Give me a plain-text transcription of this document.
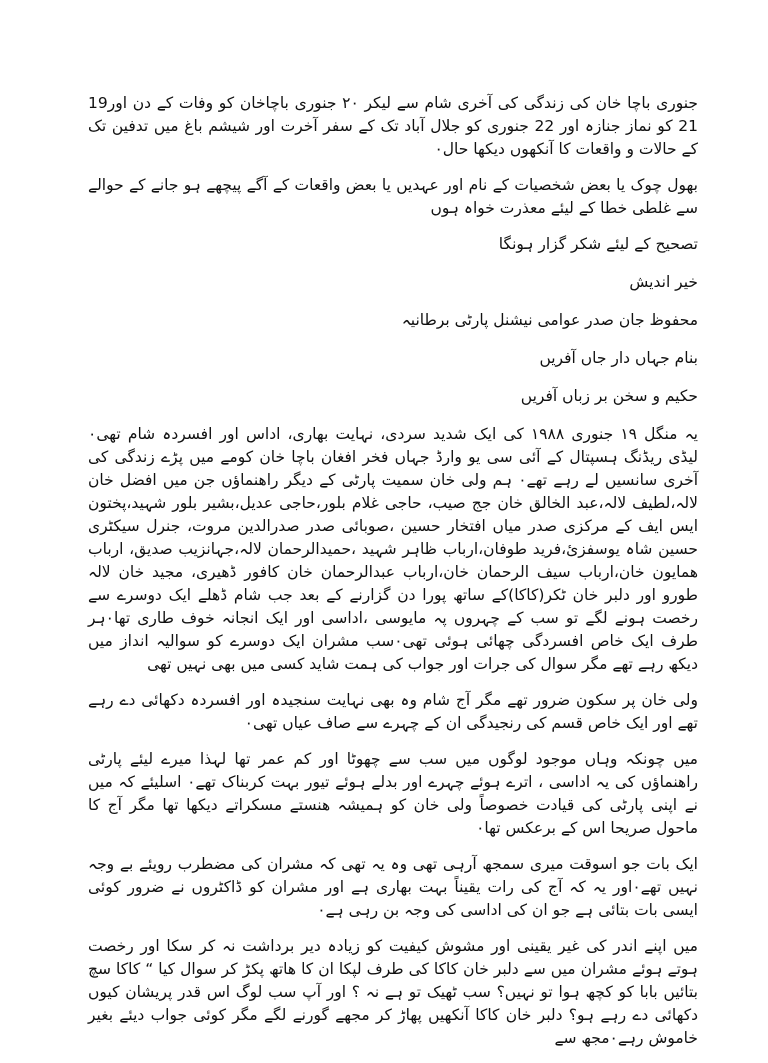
جنوری باچا خان کی زندگی کی آخری شام سے لیکر ۲۰ جنوری باچاخان کو وفات کے دن اور19 21 کو نماز جنازہ اور 22 جنوری کو جلال آباد تک کے سفر آخرت اور شیشم باغ میں تدفین تک کے حالات و واقعات کا آنکھوں دیکھا حال۰

بھول چوک یا بعض شخصیات کے نام اور عہدیں یا بعض واقعات کے آگے پیچھے ہو جانے کے حوالے سے غلطی خطا کے لیئے معذرت خواہ ہوں

تصحیح کے لیئے شکر گزار ہونگا

خیر اندیش

محفوظ جان صدر عوامی نیشنل پارٹی برطانیہ

بنام جہاں دار جاں آفریں

حکیم و سخن بر زباں آفریں

یہ منگل ۱۹ جنوری ۱۹۸۸ کی ایک شدید سردی، نہایت بھاری، اداس اور افسردہ شام تھی۰ لیڈی ریڈنگ ہسپتال کے آئی سی یو وارڈ جہاں فخر افغان باچا خان کومے میں پڑے زندگی کی آخری سانسیں لے رہے تھے۰ ہم ولی خان سمیت پارٹی کے دیگر راھنماؤں جن میں افضل خان لالہ،لطیف لالہ،عبد الخالق خان جج صیب، حاجی غلام بلور،حاجی عدیل،بشیر بلور شہید،پختون ایس ایف کے مرکزی صدر میاں افتخار حسین ،صوبائی صدر صدرالدین مروت، جنرل سیکٹری حسین شاہ یوسفزئ،فرید طوفان،ارباب ظاہر شہید ،حمیدالرحمان لالہ،جہانزیب صدیق، ارباب ھمایون خان،ارباب سیف الرحمان خان،ارباب عبدالرحمان خان کافور ڈھیری، مجید خان لالہ طورو اور دلبر خان ٹکر(کاکا)کے ساتھ پورا دن گزارنے کے بعد جب شام ڈھلے ایک دوسرے سے رخصت ہونے لگے تو سب کے چہروں پہ مایوسی ،اداسی اور ایک انجانہ خوف طاری تھا۰ہر طرف ایک خاص افسردگی چھائی ہوئی تھی۰سب مشران ایک دوسرے کو سوالیہ انداز میں دیکھ رہے تھے مگر سوال کی جرات اور جواب کی ہمت شاید کسی میں بھی نہیں تھی

ولی خان پر سکون ضرور تھے مگر آج شام وہ بھی نہایت سنجیدہ اور افسردہ دکھائی دے رہے تھے اور ایک خاص قسم کی رنجیدگی ان کے چہرے سے صاف عیاں تھی۰

میں چونکہ وہاں موجود لوگوں میں سب سے چھوٹا اور کم عمر تھا لہذا میرے لیئے پارٹی راھنماؤں کی یہ اداسی ، اترے ہوئے چہرے اور بدلے ہوئے تیور بہت کربناک تھے۰ اسلیئے کہ میں نے اپنی پارٹی کی قیادت خصوصاً ولی خان کو ہمیشہ ھنستے مسکراتے دیکھا تھا مگر آج کا ماحول صریحا اس کے برعکس تھا۰

ایک بات جو اسوقت میری سمجھ آرہی تھی وہ یہ تھی کہ مشران کی مضطرب رویئے بے وجہ نہیں تھے۰اور یہ کہ آج کی رات یقیناً بہت بھاری ہے اور مشران کو ڈاکٹروں نے ضرور کوئی ایسی بات بتائی ہے جو ان کی اداسی کی وجہ بن رہی ہے۰

میں اپنے اندر کی غیر یقینی اور مشوش کیفیت کو زیادہ دیر برداشت نہ کر سکا اور رخصت ہوتے ہوئے مشران میں سے دلبر خان کاکا کی طرف لپکا ان کا ھاتھ پکڑ کر سوال کیا “ کاکا سچ بتائیں بابا کو کچھ ہوا تو نہیں؟ سب ٹھیک تو ہے نہ ؟ اور آپ سب لوگ اس قدر پریشان کیوں دکھائی دے رہے ہو؟ دلبر خان کاکا آنکھیں پھاڑ کر مجھے گورنے لگے مگر کوئی جواب دیئے بغیر خاموش رہے۰مجھ سے
